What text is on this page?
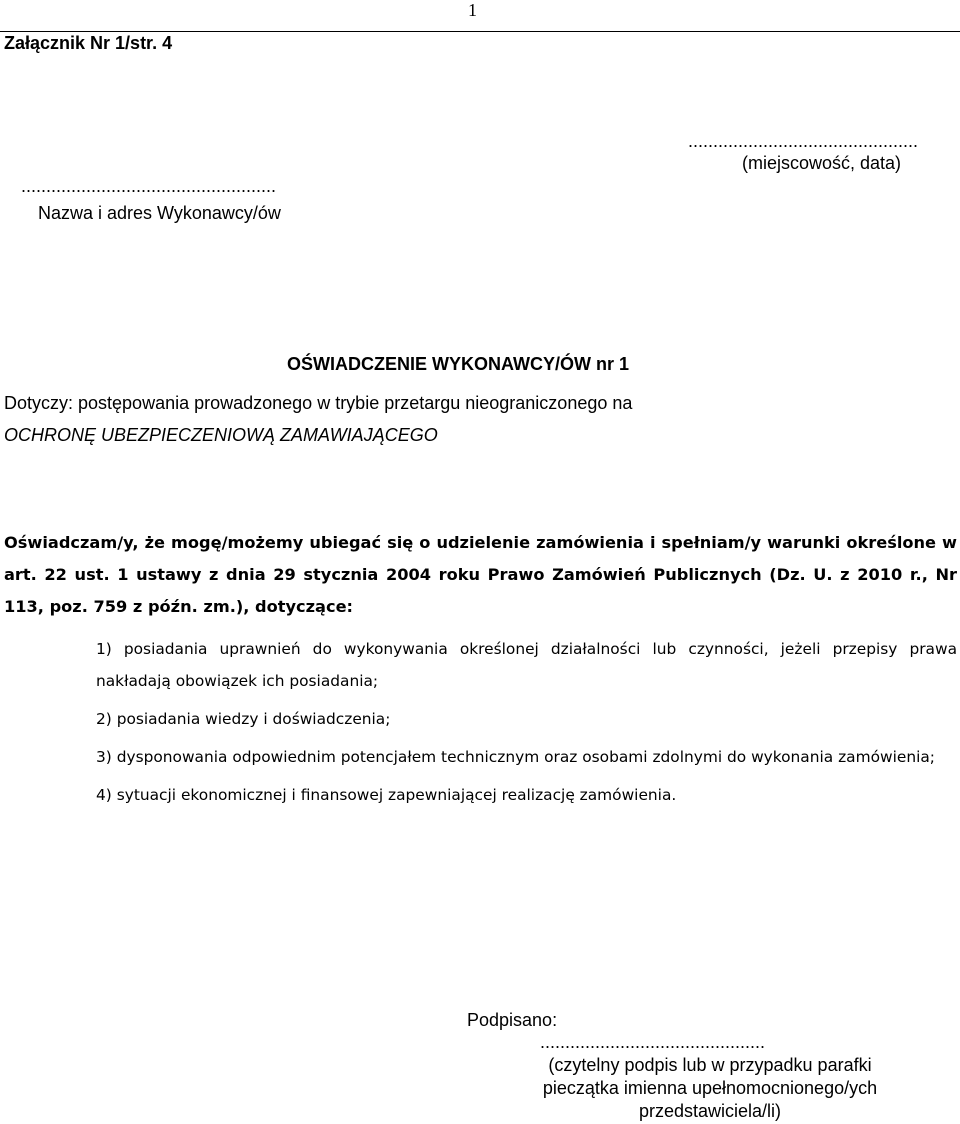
1
Załącznik Nr 1/str. 4
..............................................
(miejscowość, data)
...................................................
Nazwa i adres Wykonawcy/ów
OŚWIADCZENIE WYKONAWCY/ÓW nr 1
Dotyczy: postępowania prowadzonego w trybie przetargu nieograniczonego na
OCHRONĘ UBEZPIECZENIOWĄ ZAMAWIAJĄCEGO
Oświadczam/y, że mogę/możemy ubiegać się o udzielenie zamówienia i spełniam/y warunki określone w art. 22 ust. 1 ustawy z dnia 29 stycznia 2004 roku Prawo Zamówień Publicznych (Dz. U. z 2010 r., Nr 113, poz. 759 z późn. zm.), dotyczące:
1) posiadania uprawnień do wykonywania określonej działalności lub czynności, jeżeli przepisy prawa nakładają obowiązek ich posiadania;
2) posiadania wiedzy i doświadczenia;
3) dysponowania odpowiednim potencjałem technicznym oraz osobami zdolnymi do wykonania zamówienia;
4) sytuacji ekonomicznej i finansowej zapewniającej realizację zamówienia.
Podpisano:
.............................................
(czytelny podpis lub w przypadku parafki
pieczątka imienna upełnomocnionego/ych
przedstawiciela/li)
